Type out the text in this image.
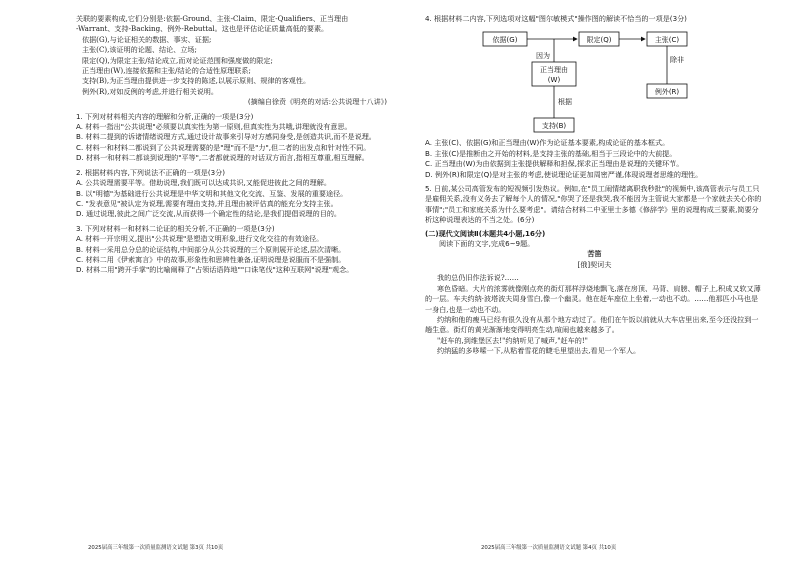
关联的要素构成,它们分别是:依据-Ground、主张-Claim、限定-Qualifiers、正当理由

-Warrant、支持-Backing、例外-Rebuttal。这也是评估论证质量高低的要素。

依据(G),与论证相关的数据、事实、证据;

主张(C),该证明的论题、结论、立场;

限定(Q),为限定主张/结论成立,而对论证范围和强度做的限定;

正当理由(W),连接依据和主张/结论的合适性原理联系;

支持(B),为正当理由提供进一步支持的陈述,以展示原则、规律的客观性。

例外(R),对如反例的考虑,并进行相关说明。

(摘编自徐贲《明亮的对话:公共说理十八讲》)

1. 下列对材料相关内容的理解和分析,正确的一项是(3分)

A. 材料一指出"公共说理"必须要以真实性为第一原则,但真实性为共哦,讲理就没有意思。

B. 材料二提到的诉诸情绪说理方式,通过设计故事来引导对方感同身受,是创造共识,而不是说理。

C. 材料一和材料二都说到了公共说理需要的是"理"而不是"力",但二者的出发点和针对性不同。

D. 材料一和材料二都谈到说理的"平等",二者都就说理的对话双方而言,指相互尊重,相互理解。

2. 根据材料内容,下列说法不正确的一项是(3分)

A. 公共说理需要平等。借助说理,我们既可以达成共识,又能促进彼此之间的理解。

B. 以"明德"为基础进行公共说理是中华文明和其他文化交流、互鉴、发展的重要途径。

C. "发表意见"被认定为说理,需要有理由支持,并且理由被评估真的能充分支持主张。

D. 通过说理,彼此之间广泛交流,从而获得一个确定性的结论,是我们提倡说理的目的。

3. 下列对材料一和材料二论证的相关分析,不正确的一项是(3分)

A. 材料一开宗明义,提出"公共说理"是塑造文明形象,进行文化交往的有效途径。

B. 材料一采用总分总的论证结构,中间部分从公共说理的三个原则展开论述,层次清晰。

C. 材料二用《伊索寓言》中的故事,形象性和思辨性兼备,证明说理是说服而不是强制。

D. 材料二用"跨开手掌"的比喻阐释了"占领话语阵地""口诛笔伐"这种互联网"说理"观念。

2025届高三年级第一次质量监测语文试题 第3页 共10页

4. 根据材料二内容,下列选项对这幅"图尔敏模式"操作图的解读不恰当的一项是(3分)

依据(G)	限定(Q)	主张(C)
因为
正当理由
(W)
根据
支持(B)
除非
例外(R)

A. 主张(C)、依据(G)和正当理由(W)作为论证基本要素,构成论证的基本框式。

B. 主张(C)是推断由之开始的材料,是支持主张的基础,相当于三段论中的大前提。

C. 正当理由(W)为由依据到主张提供解释和担保,探求正当理由是说理的关键环节。

D. 例外(R)和限定(Q)是对主张的考虑,使说理论证更加周密严谨,体现说理者思维的理性。

5. 日前,某公司高管发布的短视频引发热议。例如,在"员工闹情绪离职我秒批"的视频中,该高管表示与员工只是雇佣关系,没有义务去了解每个人的情况,"你哭了还是我哭,我不能因为主管说大家都是一个家就去关心你的事情";"员工和家庭关系为什么要考虑"。请结合材料二中亚里士多德《修辞学》里的说理构成三要素,简要分析这种说理表达的不当之处。(6分)

(二)现代文阅读Ⅱ(本题共4小题,16分)

阅读下面的文字,完成6~9题。

苦笛

[俄]契诃夫

我的总仍旧作法诉说?……

寒色昏暗。大片的浓雾就像刚点亮的街灯那样浮烧地飘飞,落在房顶、马背、肩膀、帽子上,积成又软又薄的一层。车夫约纳·波塔波夫周身雪白,像一个幽灵。他在赶车座位上坐着,一动也不动。……他那匹小马也是一身白,也是一动也不动。

约纳和他的瘦马已经有很久没有从那个地方动过了。他们在午饭以前就从大车店里出来,至今还没拉到一趟生意。街灯的黄光渐渐地变得明亮生动,喧闹也越来越多了。

"赶车的,到维堡区去!"约纳听见了喊声,"赶车的!"

约纳猛的多哆嗦一下,从粘着雪花的睫毛里望出去,看见一个军人。

2025届高三年级第一次质量监测语文试题 第4页 共10页
